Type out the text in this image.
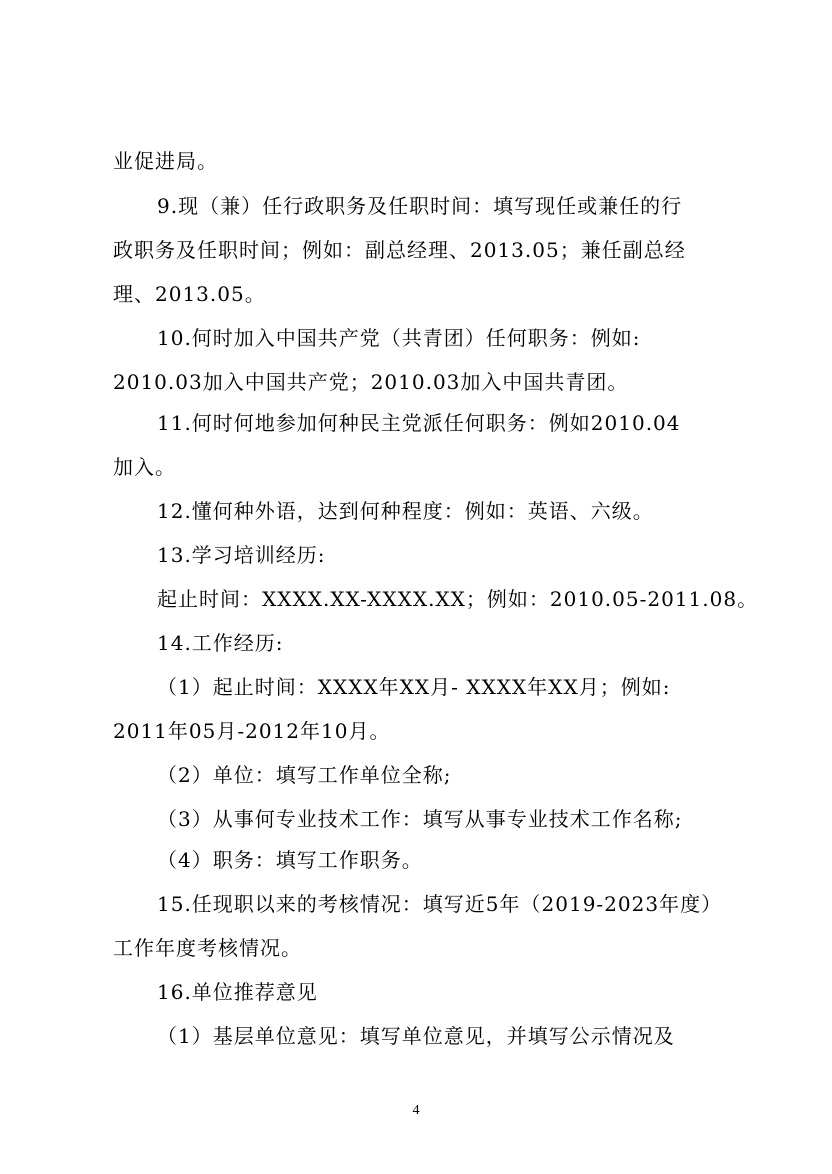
业促进局。
9.现（兼）任行政职务及任职时间：填写现任或兼任的行
政职务及任职时间；例如：副总经理、2013.05；兼任副总经
理、2013.05。
10.何时加入中国共产党（共青团）任何职务：例如:
2010.03加入中国共产党；2010.03加入中国共青团。
11.何时何地参加何种民主党派任何职务：例如2010.04
加入。
12.懂何种外语，达到何种程度：例如：英语、六级。
13.学习培训经历:
起止时间：XXXX.XX-XXXX.XX；例如：2010.05-2011.08。
14.工作经历:
（1）起止时间：XXXX年XX月- XXXX年XX月；例如:
2011年05月-2012年10月。
（2）单位：填写工作单位全称;
（3）从事何专业技术工作：填写从事专业技术工作名称;
（4）职务：填写工作职务。
15.任现职以来的考核情况：填写近5年（2019-2023年度）
工作年度考核情况。
16.单位推荐意见
（1）基层单位意见：填写单位意见，并填写公示情况及
4
